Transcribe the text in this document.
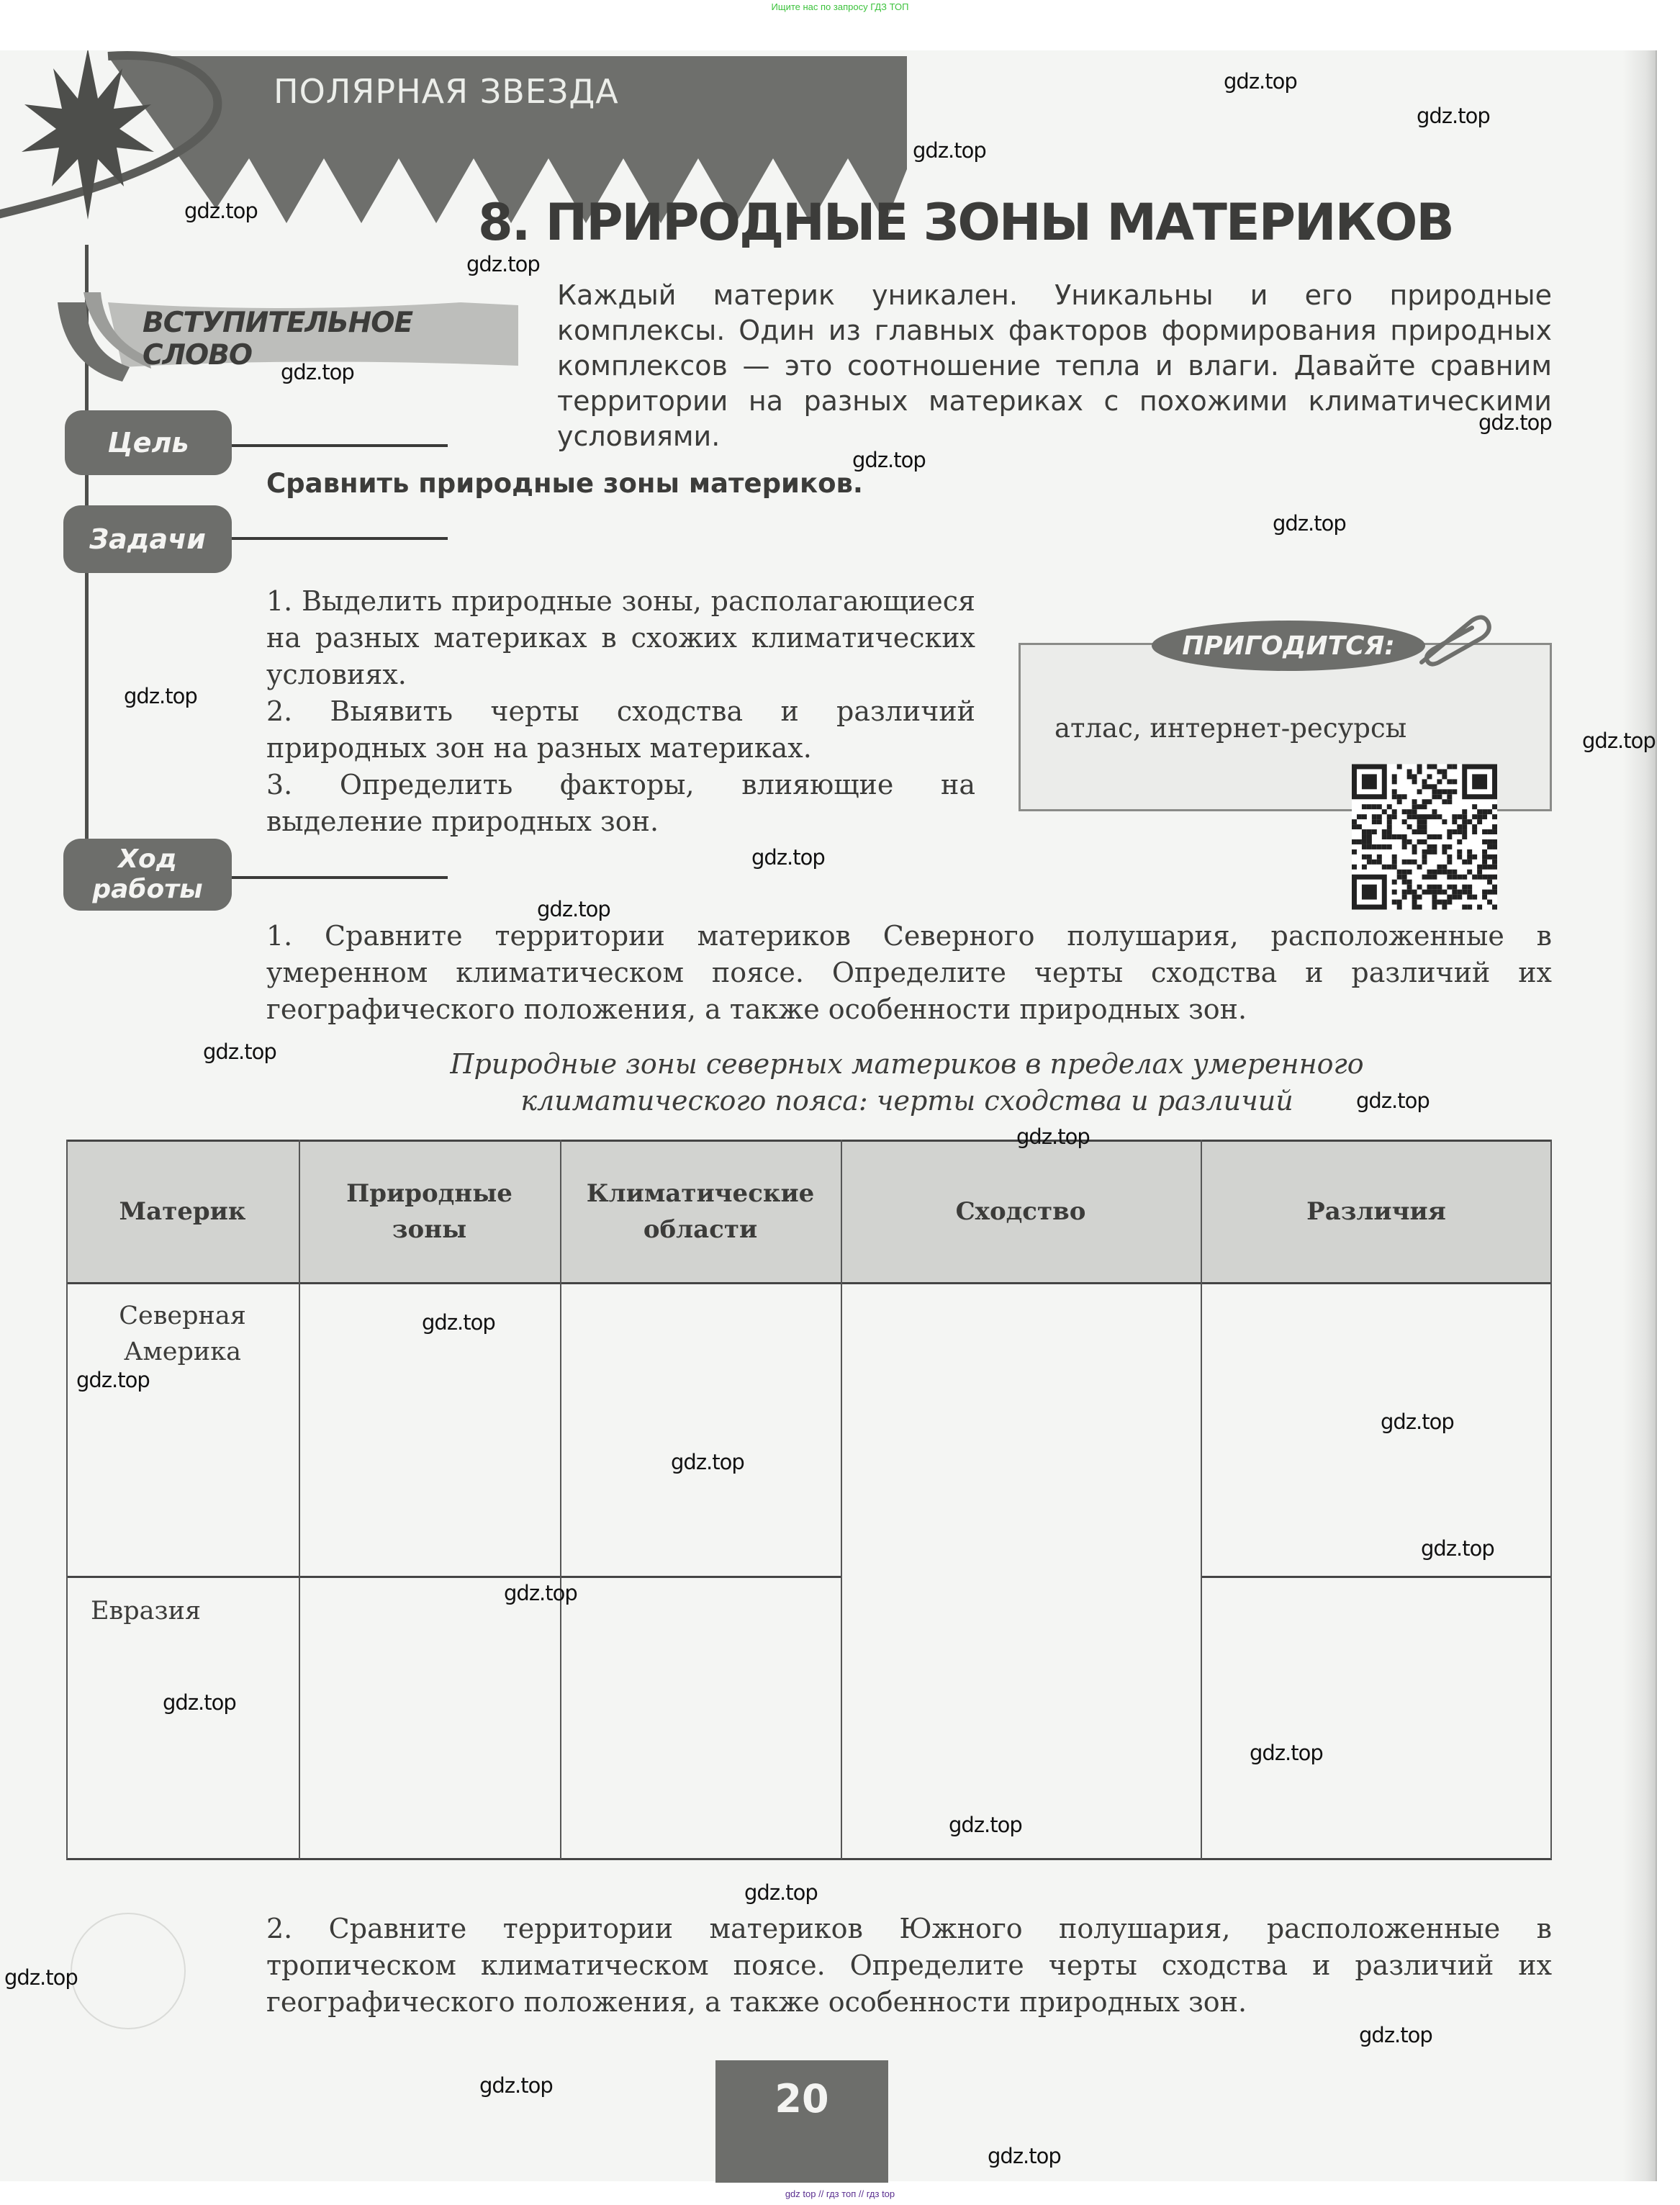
Ищите нас по запросу ГДЗ ТОП
ПОЛЯРНАЯ ЗВЕЗДА
8. ПРИРОДНЫЕ ЗОНЫ МАТЕРИКОВ
ВСТУПИТЕЛЬНОЕ СЛОВО
Каждый материк уникален. Уникальны и его природные комплексы. Один из главных факторов формирования природных комплексов — это соотношение тепла и влаги. Давайте сравним территории на разных материках с похожими климатическими условиями.
Цель
Сравнить природные зоны материков.
Задачи

1. Выделить природные зоны, располагающиеся на разных материках в схожих климатических условиях.

2. Выявить черты сходства и различий природных зон на разных материках.

3. Определить факторы, влияющие на выделение природных зон.

ПРИГОДИТСЯ:
атлас, интернет-ресурсы
Ход
работы
1. Сравните территории материков Северного полушария, расположенные в умеренном климатическом поясе. Определите черты сходства и различий их географического положения, а также особенности природных зон.
Природные зоны северных материков в пределах умеренного
климатического пояса: черты сходства и различий
Материк
Природные
зоны
Климатические
области
Сходство	Различия
Северная
Америка
Евразия
2. Сравните территории материков Южного полушария, расположенные в тропическом климатическом поясе. Определите черты сходства и различий их географического положения, а также особенности природных зон.
20
gdz top // гдз топ // гдз top
gdz.top
gdz.top
gdz.top
gdz.top
gdz.top
gdz.top
gdz.top
gdz.top
gdz.top
gdz.top
gdz.top
gdz.top
gdz.top
gdz.top
gdz.top
gdz.top
gdz.top
gdz.top
gdz.top
gdz.top
gdz.top
gdz.top
gdz.top
gdz.top
gdz.top
gdz.top
gdz.top
gdz.top
gdz.top
gdz.top
